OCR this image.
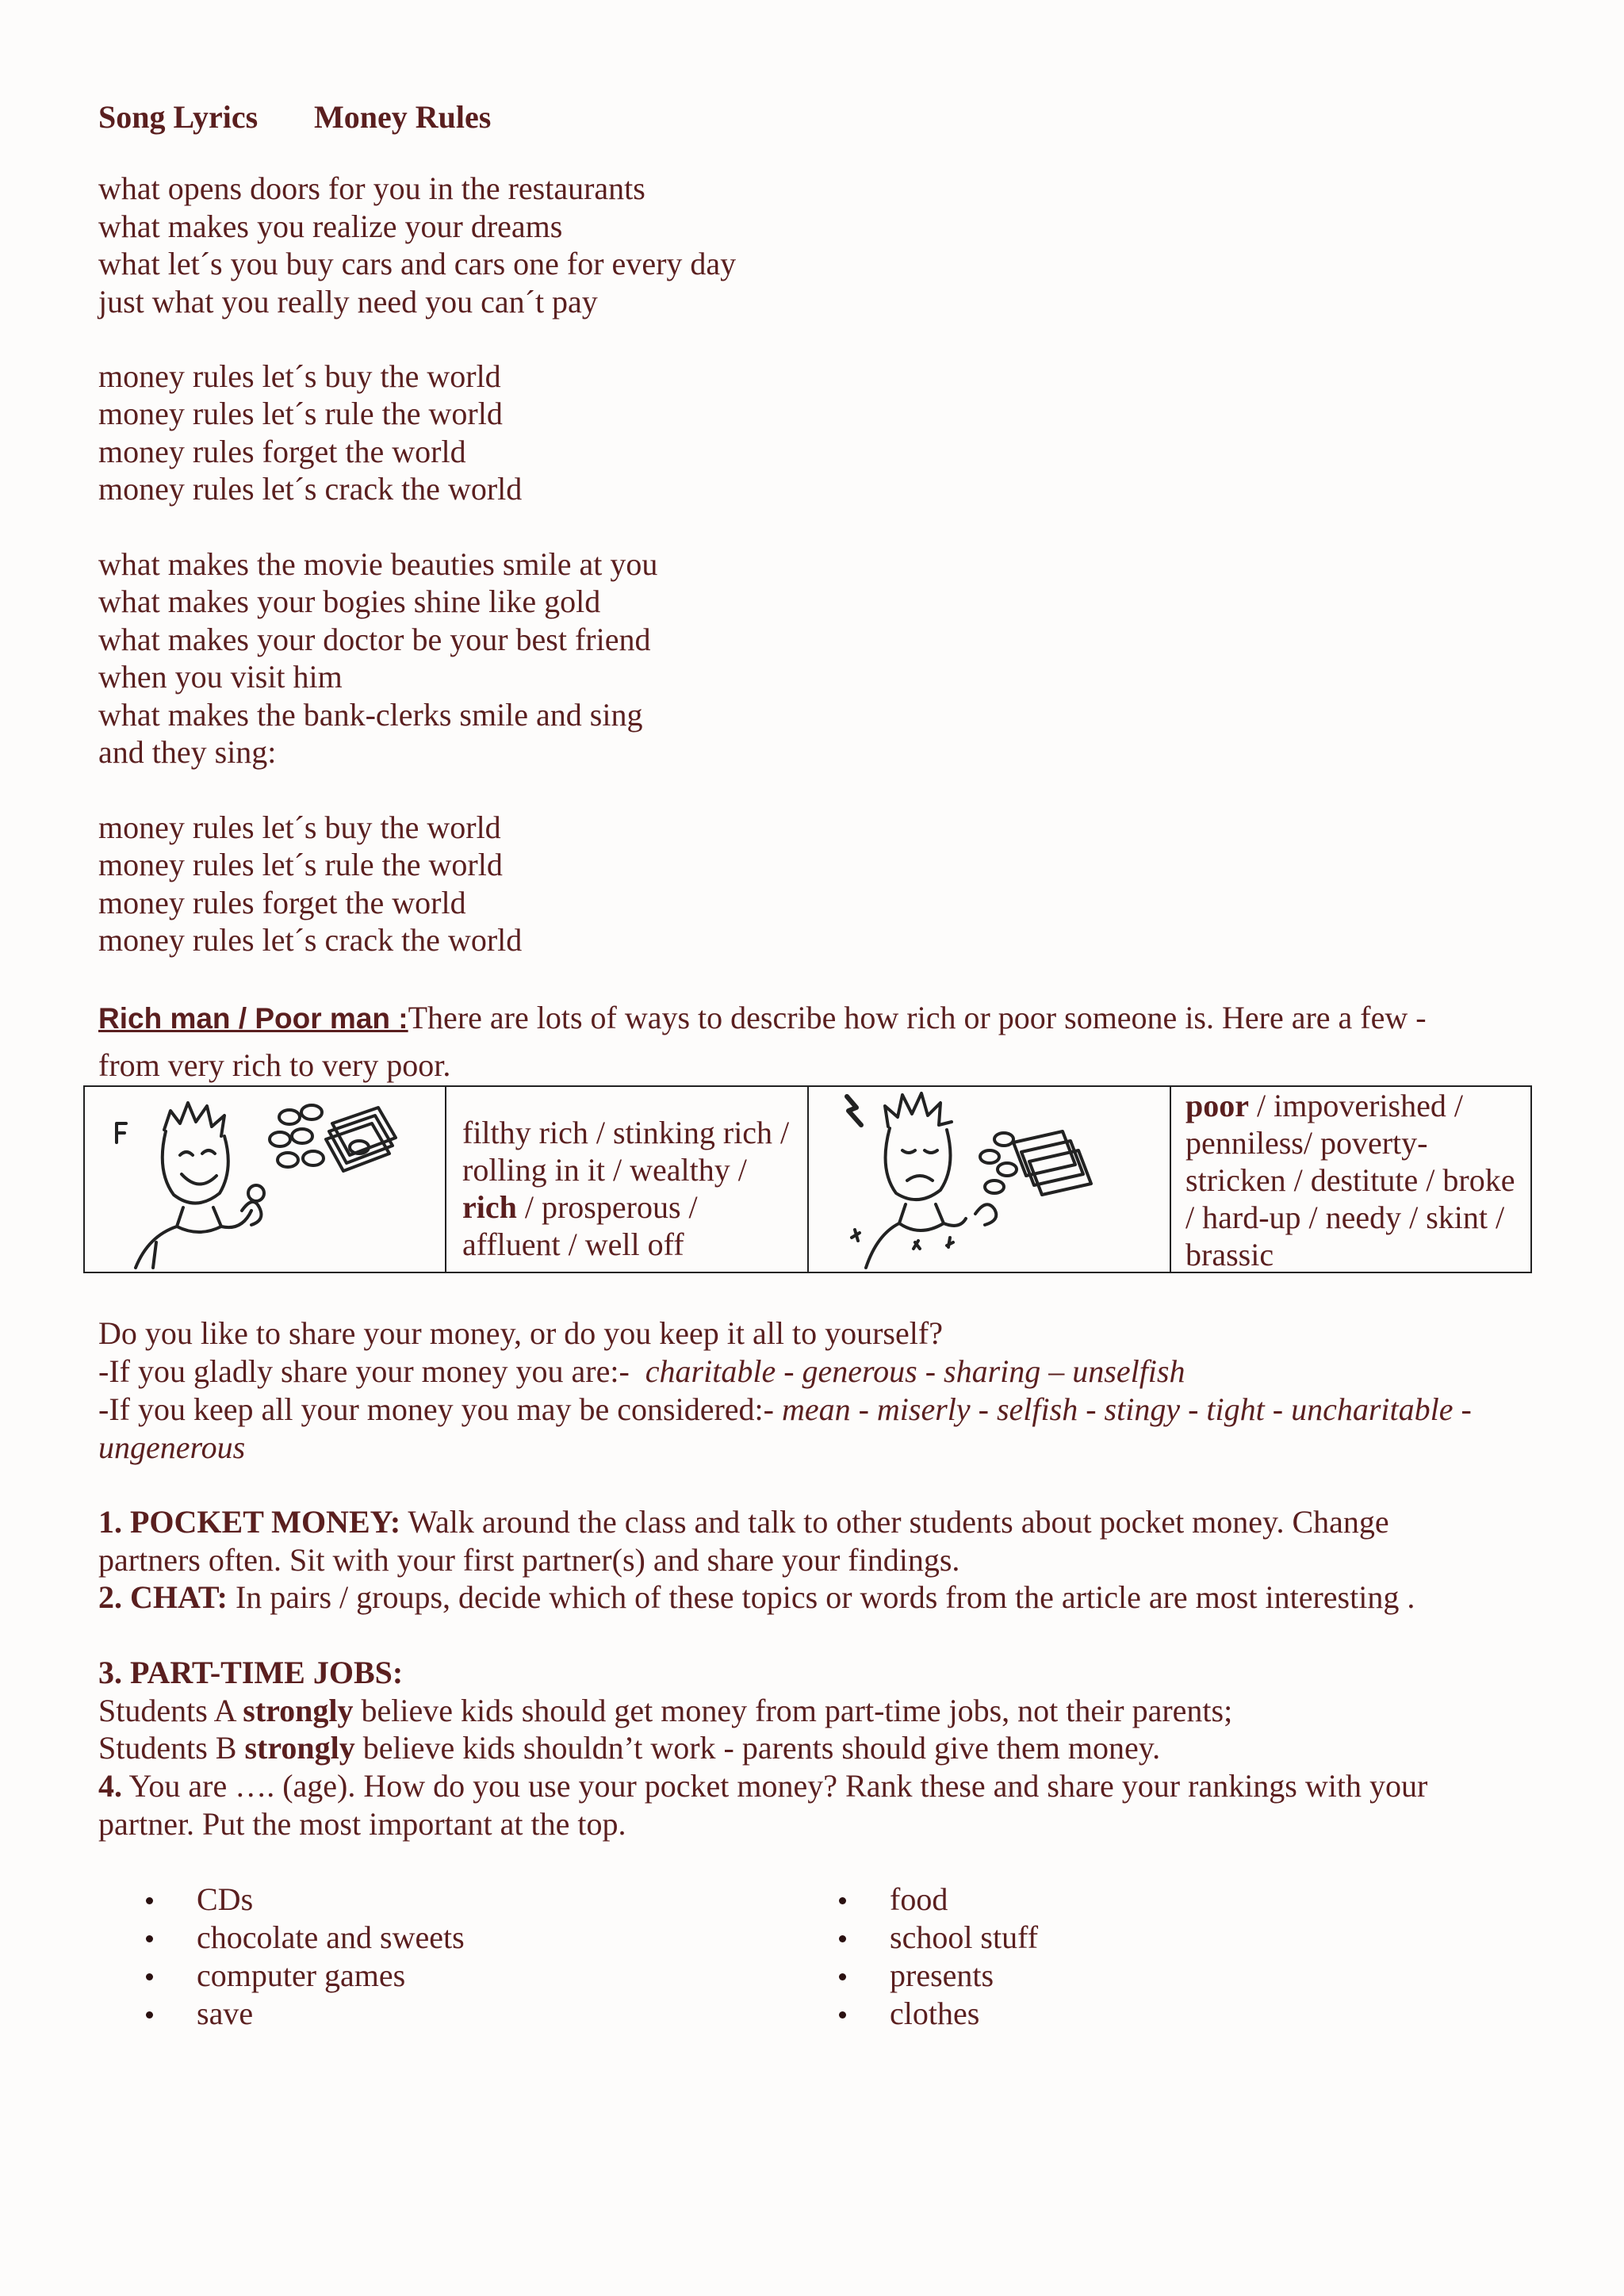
Song Lyrics Money Rules
what opens doors for you in the restaurants
what makes you realize your dreams
what let´s you buy cars and cars one for every day
just what you really need you can´t pay
money rules let´s buy the world
money rules let´s rule the world
money rules forget the world
money rules let´s crack the world
what makes the movie beauties smile at you
what makes your bogies shine like gold
what makes your doctor be your best friend
when you visit him
what makes the bank-clerks smile and sing
and they sing:
money rules let´s buy the world
money rules let´s rule the world
money rules forget the world
money rules let´s crack the world
Rich man / Poor man :There are lots of ways to describe how rich or poor someone is. Here are a few -
from very rich to very poor.
filthy rich / stinking rich / rolling in it / wealthy / rich / prosperous / affluent / well off
poor / impoverished / penniless/ poverty-stricken / destitute / broke / hard-up / needy / skint / brassic
Do you like to share your money, or do you keep it all to yourself?
-If you gladly share your money you are:- charitable - generous - sharing – unselfish
-If you keep all your money you may be considered:- mean - miserly - selfish - stingy - tight - uncharitable -
ungenerous
1. POCKET MONEY: Walk around the class and talk to other students about pocket money. Change
partners often. Sit with your first partner(s) and share your findings.
2. CHAT: In pairs / groups, decide which of these topics or words from the article are most interesting .
3. PART-TIME JOBS:
Students A strongly believe kids should get money from part-time jobs, not their parents;
Students B strongly believe kids shouldn’t work - parents should give them money.
4. You are …. (age). How do you use your pocket money? Rank these and share your rankings with your
partner. Put the most important at the top.
CDs
chocolate and sweets
computer games
save
food
school stuff
presents
clothes
